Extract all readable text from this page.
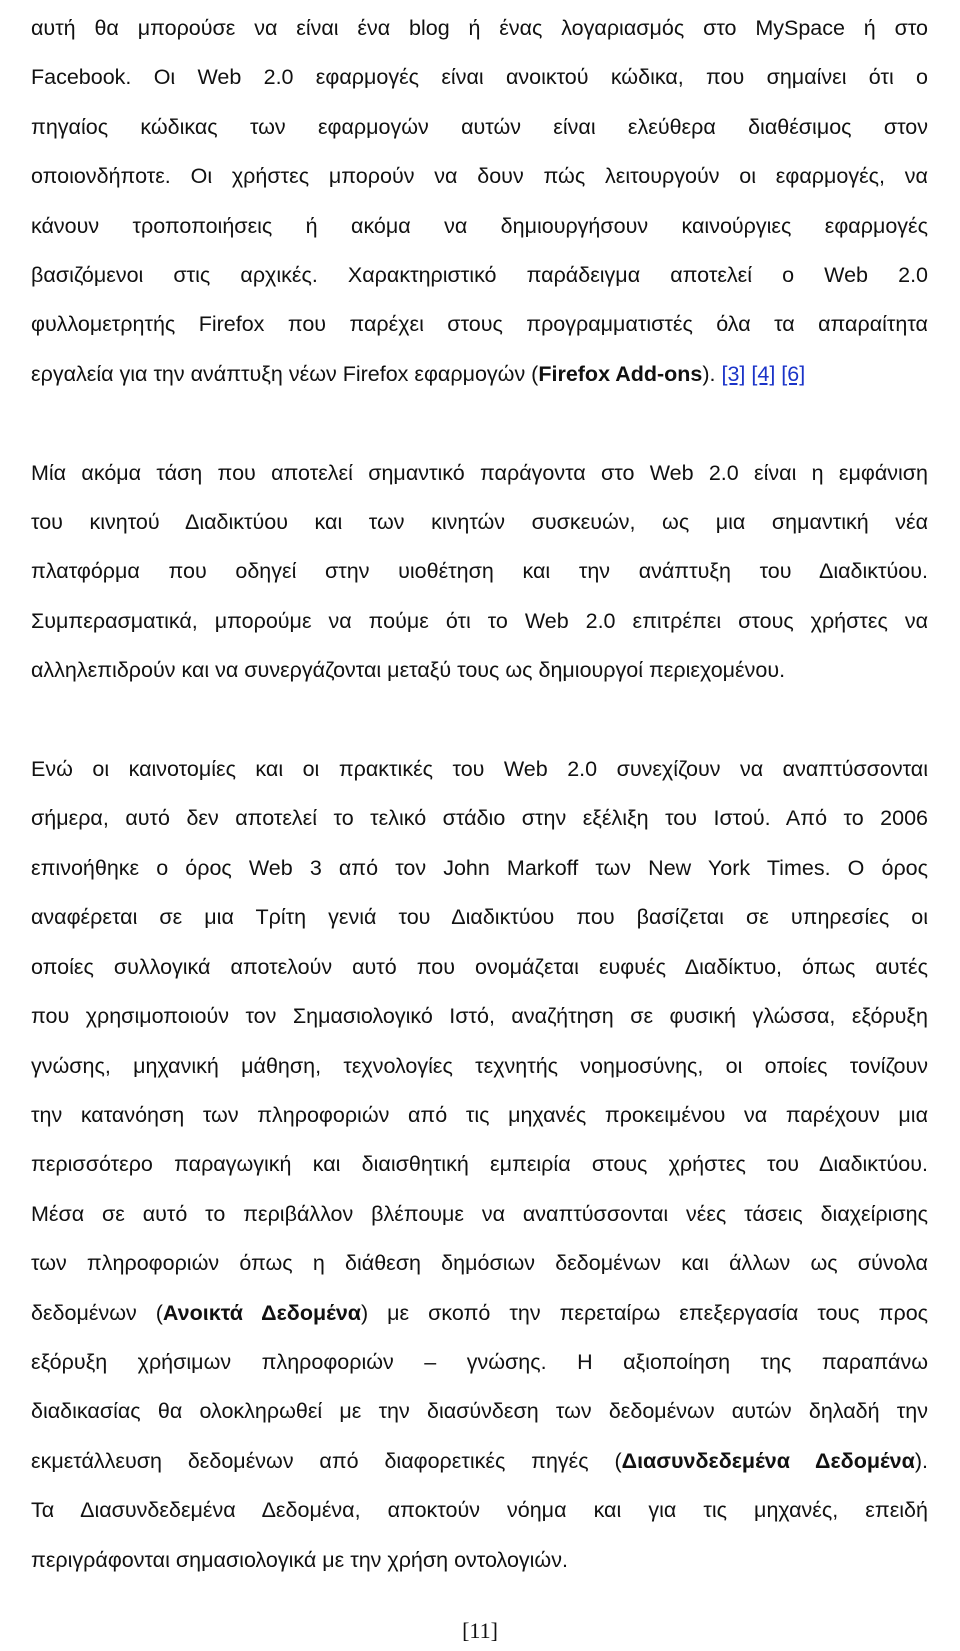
αυτή θα μπορούσε να είναι ένα blog ή ένας λογαριασμός στο MySpace ή στο
Facebook. Οι Web 2.0 εφαρμογές είναι ανοικτού κώδικα, που σημαίνει ότι ο
πηγαίος κώδικας των εφαρμογών αυτών είναι ελεύθερα διαθέσιμος στον
οποιονδήποτε. Οι χρήστες μπορούν να δουν πώς λειτουργούν οι εφαρμογές, να
κάνουν τροποποιήσεις ή ακόμα να δημιουργήσουν καινούργιες εφαρμογές
βασιζόμενοι στις αρχικές. Χαρακτηριστικό παράδειγμα αποτελεί ο Web 2.0
φυλλομετρητής Firefox που παρέχει στους προγραμματιστές όλα τα απαραίτητα
εργαλεία για την ανάπτυξη νέων Firefox εφαρμογών (Firefox Add-ons). [3] [4] [6]

Μία ακόμα τάση που αποτελεί σημαντικό παράγοντα στο Web 2.0 είναι η εμφάνιση
του κινητού Διαδικτύου και των κινητών συσκευών, ως μια σημαντική νέα
πλατφόρμα που οδηγεί στην υιοθέτηση και την ανάπτυξη του Διαδικτύου.
Συμπερασματικά, μπορούμε να πούμε ότι το Web 2.0 επιτρέπει στους χρήστες να
αλληλεπιδρούν και να συνεργάζονται μεταξύ τους ως δημιουργοί περιεχομένου.

Ενώ οι καινοτομίες και οι πρακτικές του Web 2.0 συνεχίζουν να αναπτύσσονται
σήμερα, αυτό δεν αποτελεί το τελικό στάδιο στην εξέλιξη του Ιστού. Από το 2006
επινοήθηκε ο όρος Web 3 από τον John Markoff των New York Times. Ο όρος
αναφέρεται σε μια Τρίτη γενιά του Διαδικτύου που βασίζεται σε υπηρεσίες οι
οποίες συλλογικά αποτελούν αυτό που ονομάζεται ευφυές Διαδίκτυο, όπως αυτές
που χρησιμοποιούν τον Σημασιολογικό Ιστό, αναζήτηση σε φυσική γλώσσα, εξόρυξη
γνώσης, μηχανική μάθηση, τεχνολογίες τεχνητής νοημοσύνης, οι οποίες τονίζουν
την κατανόηση των πληροφοριών από τις μηχανές προκειμένου να παρέχουν μια
περισσότερο παραγωγική και διαισθητική εμπειρία στους χρήστες του Διαδικτύου.
Μέσα σε αυτό το περιβάλλον βλέπουμε να αναπτύσσονται νέες τάσεις διαχείρισης
των πληροφοριών όπως η διάθεση δημόσιων δεδομένων και άλλων ως σύνολα
δεδομένων (Ανοικτά Δεδομένα) με σκοπό την περεταίρω επεξεργασία τους προς
εξόρυξη χρήσιμων πληροφοριών – γνώσης. Η αξιοποίηση της παραπάνω
διαδικασίας θα ολοκληρωθεί με την διασύνδεση των δεδομένων αυτών δηλαδή την
εκμετάλλευση δεδομένων από διαφορετικές πηγές (Διασυνδεδεμένα Δεδομένα).
Τα Διασυνδεδεμένα Δεδομένα, αποκτούν νόημα και για τις μηχανές, επειδή
περιγράφονται σημασιολογικά με την χρήση οντολογιών.

[11]
